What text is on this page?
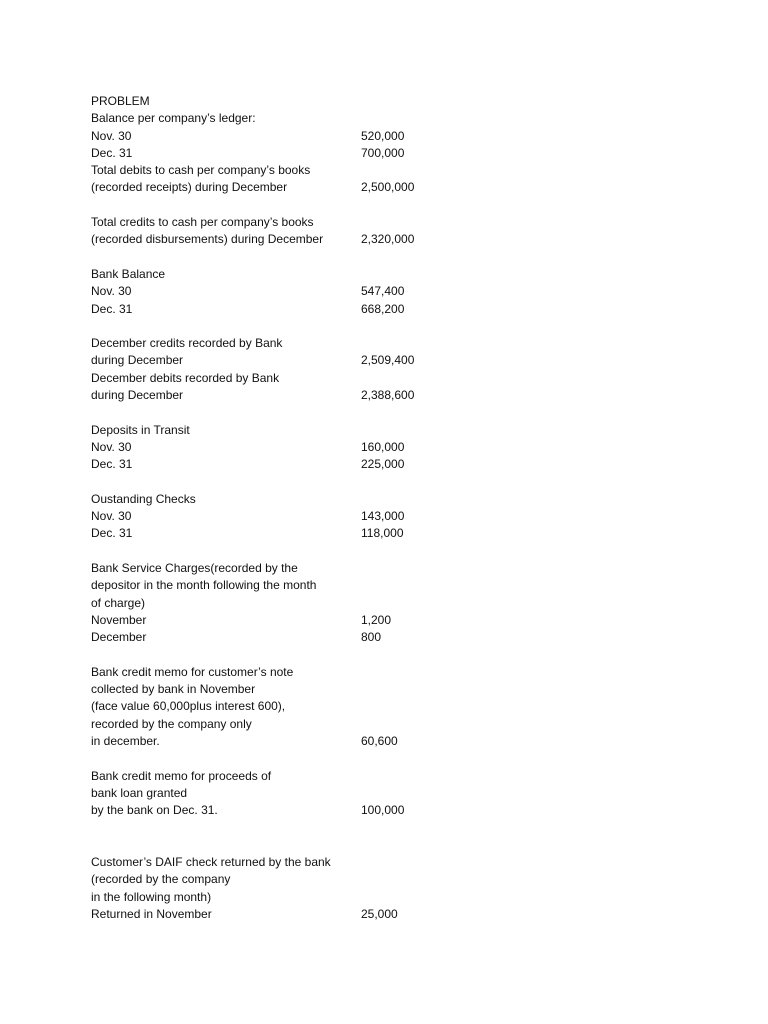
PROBLEM
Balance per company’s ledger:
Nov. 30	520,000
Dec. 31	700,000
Total debits to cash per company’s books
(recorded receipts) during December	2,500,000
Total credits to cash per company’s books
(recorded disbursements) during December	2,320,000
Bank Balance
Nov. 30	547,400
Dec. 31	668,200
December credits recorded by Bank
during December	2,509,400
December debits recorded by Bank
during December	2,388,600
Deposits in Transit
Nov. 30	160,000
Dec. 31	225,000
Oustanding Checks
Nov. 30	143,000
Dec. 31	118,000
Bank Service Charges(recorded by the
depositor in the month following the month
of charge)
November	1,200
December	800
Bank credit memo for customer’s note
collected by bank in November
(face value 60,000plus interest 600),
recorded by the company only
in december.	60,600
Bank credit memo for proceeds of
bank loan granted
by the bank on Dec. 31.	100,000
Customer’s DAIF check returned by the bank
(recorded by the company
in the following month)
Returned in November	25,000
